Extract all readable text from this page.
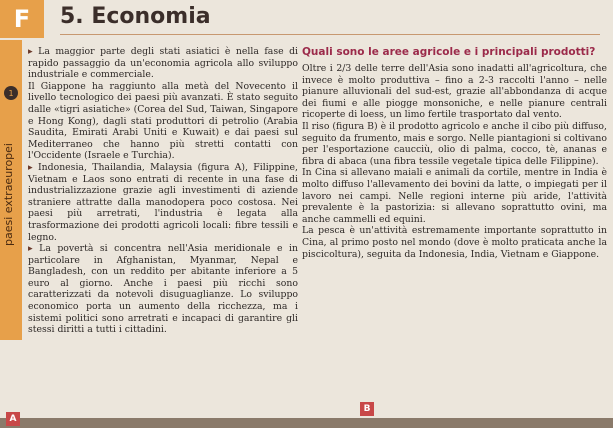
F	5. Economia
paesi extraeuropei
1

▸ La maggior parte degli stati asiatici è nella fase di rapido passaggio da un'economia agricola allo sviluppo industriale e commerciale.

Il Giappone ha raggiunto alla metà del Novecento il livello tecnologico dei paesi più avanzati. È stato seguito dalle «tigri asiatiche» (Corea del Sud, Taiwan, Singapore e Hong Kong), dagli stati produttori di petrolio (Arabia Saudita, Emirati Arabi Uniti e Kuwait) e dai paesi sul Mediterraneo che hanno più stretti contatti con l'Occidente (Israele e Turchia).

▸ Indonesia, Thailandia, Malaysia (figura A), Filippine, Vietnam e Laos sono entrati di recente in una fase di industrializzazione grazie agli investimenti di aziende straniere attratte dalla manodopera poco costosa. Nei paesi più arretrati, l'industria è legata alla trasformazione dei prodotti agricoli locali: fibre tessili e legno.

▸ La povertà si concentra nell'Asia meridionale e in particolare in Afghanistan, Myanmar, Nepal e Bangladesh, con un reddito per abitante inferiore a 5 euro al giorno. Anche i paesi più ricchi sono caratterizzati da notevoli disuguaglianze. Lo sviluppo economico porta un aumento della ricchezza, ma i sistemi politici sono arretrati e incapaci di garantire gli stessi diritti a tutti i cittadini.

Quali sono le aree agricole e i principali prodotti?

Oltre i 2/3 delle terre dell'Asia sono inadatti all'agricoltura, che invece è molto produttiva – fino a 2-3 raccolti l'anno – nelle pianure alluvionali del sud-est, grazie all'abbondanza di acque dei fiumi e alle piogge monsoniche, e nelle pianure centrali ricoperte di loess, un limo fertile trasportato dal vento.

Il riso (figura B) è il prodotto agricolo e anche il cibo più diffuso, seguito da frumento, mais e sorgo. Nelle piantagioni si coltivano per l'esportazione caucciù, olio di palma, cocco, tè, ananas e fibra di abaca (una fibra tessile vegetale tipica delle Filippine).

In Cina si allevano maiali e animali da cortile, mentre in India è molto diffuso l'allevamento dei bovini da latte, o impiegati per il lavoro nei campi. Nelle regioni interne più aride, l'attività prevalente è la pastorizia: si allevano soprattutto ovini, ma anche cammelli ed equini.

La pesca è un'attività estremamente importante soprattutto in Cina, al primo posto nel mondo (dove è molto praticata anche la piscicoltura), seguita da Indonesia, India, Vietnam e Giappone.

A
B
